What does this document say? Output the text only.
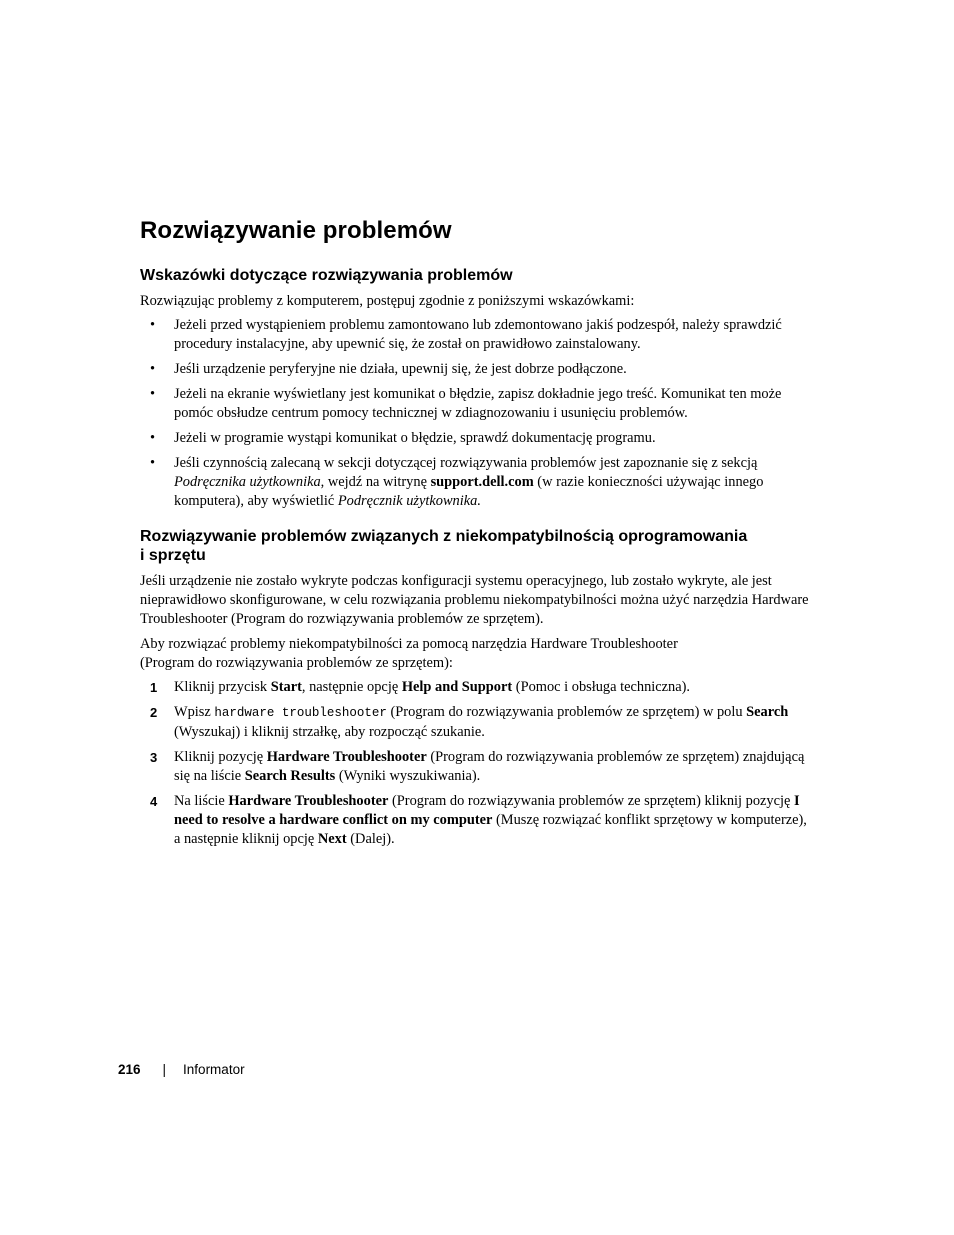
Rozwiązywanie problemów
Wskazówki dotyczące rozwiązywania problemów

Rozwiązując problemy z komputerem, postępuj zgodnie z poniższymi wskazówkami:

• Jeżeli przed wystąpieniem problemu zamontowano lub zdemontowano jakiś podzespół, należy sprawdzić procedury instalacyjne, aby upewnić się, że został on prawidłowo zainstalowany.
• Jeśli urządzenie peryferyjne nie działa, upewnij się, że jest dobrze podłączone.
• Jeżeli na ekranie wyświetlany jest komunikat o błędzie, zapisz dokładnie jego treść. Komunikat ten może pomóc obsłudze centrum pomocy technicznej w zdiagnozowaniu i usunięciu problemów.
• Jeżeli w programie wystąpi komunikat o błędzie, sprawdź dokumentację programu.
• Jeśli czynnością zalecaną w sekcji dotyczącej rozwiązywania problemów jest zapoznanie się z sekcją Podręcznika użytkownika, wejdź na witrynę support.dell.com (w razie konieczności używając innego komputera), aby wyświetlić Podręcznik użytkownika.
Rozwiązywanie problemów związanych z niekompatybilnością oprogramowania
i sprzętu

Jeśli urządzenie nie zostało wykryte podczas konfiguracji systemu operacyjnego, lub zostało wykryte, ale jest nieprawidłowo skonfigurowane, w celu rozwiązania problemu niekompatybilności można użyć narzędzia Hardware Troubleshooter (Program do rozwiązywania problemów ze sprzętem).

Aby rozwiązać problemy niekompatybilności za pomocą narzędzia Hardware Troubleshooter
(Program do rozwiązywania problemów ze sprzętem):

1 Kliknij przycisk Start, następnie opcję Help and Support (Pomoc i obsługa techniczna).
2 Wpisz hardware troubleshooter (Program do rozwiązywania problemów ze sprzętem) w polu Search (Wyszukaj) i kliknij strzałkę, aby rozpocząć szukanie.
3 Kliknij pozycję Hardware Troubleshooter (Program do rozwiązywania problemów ze sprzętem) znajdującą się na liście Search Results (Wyniki wyszukiwania).
4 Na liście Hardware Troubleshooter (Program do rozwiązywania problemów ze sprzętem) kliknij pozycję I need to resolve a hardware conflict on my computer (Muszę rozwiązać konflikt sprzętowy w komputerze), a następnie kliknij opcję Next (Dalej).
216 | Informator
